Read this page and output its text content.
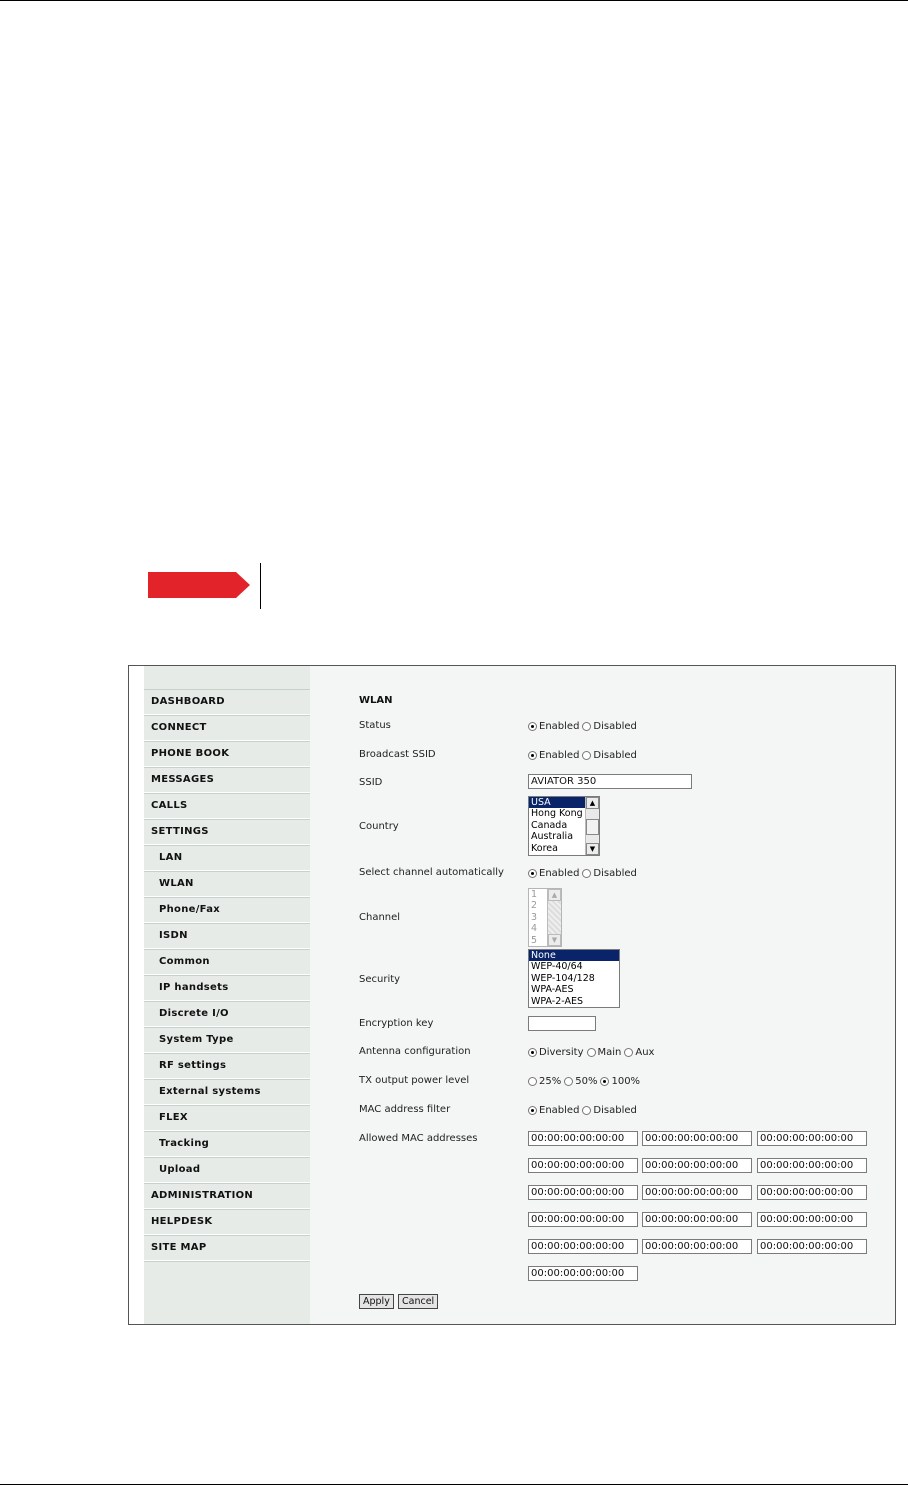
DASHBOARD
CONNECT
PHONE BOOK
MESSAGES
CALLS
SETTINGS
LAN
WLAN
Phone/Fax
ISDN
Common
IP handsets
Discrete I/O
System Type
RF settings
External systems
FLEX
Tracking
Upload
ADMINISTRATION
HELPDESK
SITE MAP
WLAN
Status	Enabled Disabled
Broadcast SSID	Enabled Disabled
SSID	AVIATOR 350
Country
USA
Hong Kong
Canada
Australia
Korea
▲
▼
Select channel automatically	Enabled Disabled
Channel
1
2
3
4
5
▲
▼
Security
None
WEP-40/64
WEP-104/128
WPA-AES
WPA-2-AES
Encryption key
Antenna configuration	Diversity Main Aux
TX output power level	25% 50% 100%
MAC address filter	Enabled Disabled
Allowed MAC addresses	00:00:00:00:00:00	00:00:00:00:00:00	00:00:00:00:00:00
00:00:00:00:00:00	00:00:00:00:00:00	00:00:00:00:00:00
00:00:00:00:00:00	00:00:00:00:00:00	00:00:00:00:00:00
00:00:00:00:00:00	00:00:00:00:00:00	00:00:00:00:00:00
00:00:00:00:00:00	00:00:00:00:00:00	00:00:00:00:00:00
00:00:00:00:00:00
Apply	Cancel
